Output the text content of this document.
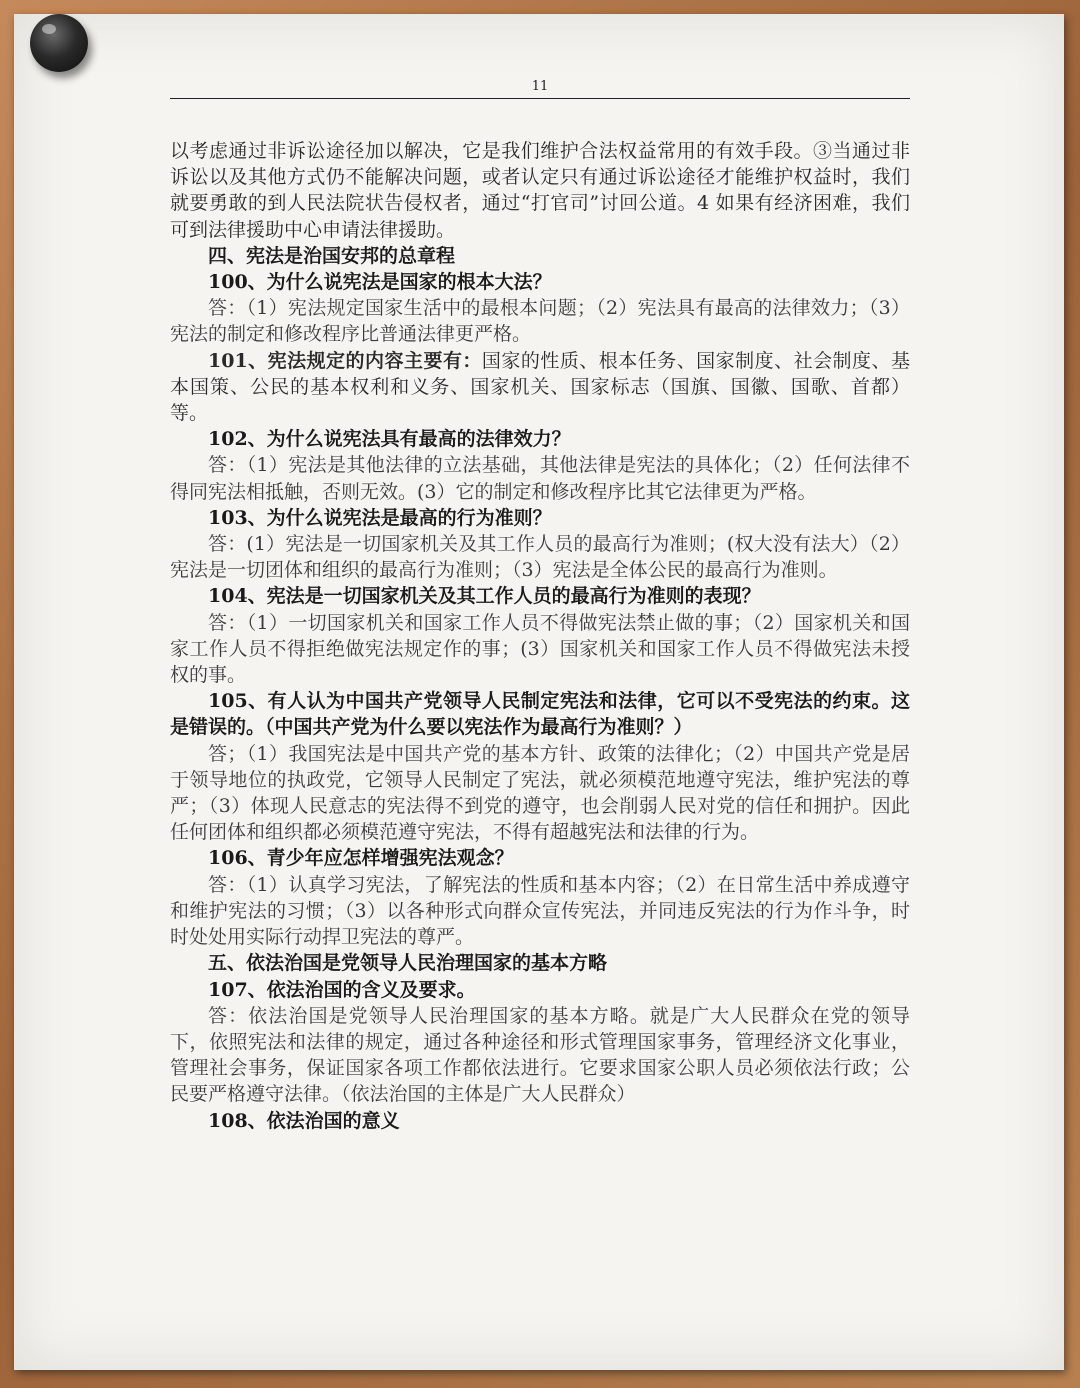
11

以考虑通过非诉讼途径加以解决，它是我们维护合法权益常用的有效手段。③当通过非诉讼以及其他方式仍不能解决问题，或者认定只有通过诉讼途径才能维护权益时，我们就要勇敢的到人民法院状告侵权者，通过“打官司”讨回公道。4 如果有经济困难，我们可到法律援助中心申请法律援助。

四、宪法是治国安邦的总章程

100、为什么说宪法是国家的根本大法？

答：（1）宪法规定国家生活中的最根本问题；（2）宪法具有最高的法律效力；（3）宪法的制定和修改程序比普通法律更严格。

101、宪法规定的内容主要有：国家的性质、根本任务、国家制度、社会制度、基本国策、公民的基本权利和义务、国家机关、国家标志（国旗、国徽、国歌、首都）等。

102、为什么说宪法具有最高的法律效力？

答：（1）宪法是其他法律的立法基础，其他法律是宪法的具体化；（2）任何法律不得同宪法相抵触，否则无效。(3）它的制定和修改程序比其它法律更为严格。

103、为什么说宪法是最高的行为准则？

答：(1）宪法是一切国家机关及其工作人员的最高行为准则；(权大没有法大）（2）宪法是一切团体和组织的最高行为准则；（3）宪法是全体公民的最高行为准则。

104、宪法是一切国家机关及其工作人员的最高行为准则的表现？

答：（1）一切国家机关和国家工作人员不得做宪法禁止做的事；（2）国家机关和国家工作人员不得拒绝做宪法规定作的事；(3）国家机关和国家工作人员不得做宪法未授权的事。

105、有人认为中国共产党领导人民制定宪法和法律，它可以不受宪法的约束。这是错误的。（中国共产党为什么要以宪法作为最高行为准则？）

答；（1）我国宪法是中国共产党的基本方针、政策的法律化；（2）中国共产党是居于领导地位的执政党，它领导人民制定了宪法，就必须模范地遵守宪法，维护宪法的尊严；（3）体现人民意志的宪法得不到党的遵守，也会削弱人民对党的信任和拥护。因此任何团体和组织都必须模范遵守宪法，不得有超越宪法和法律的行为。

106、青少年应怎样增强宪法观念？

答：（1）认真学习宪法，了解宪法的性质和基本内容；（2）在日常生活中养成遵守和维护宪法的习惯；（3）以各种形式向群众宣传宪法，并同违反宪法的行为作斗争，时时处处用实际行动捍卫宪法的尊严。

五、依法治国是党领导人民治理国家的基本方略

107、依法治国的含义及要求。

答：依法治国是党领导人民治理国家的基本方略。就是广大人民群众在党的领导下，依照宪法和法律的规定，通过各种途径和形式管理国家事务，管理经济文化事业，管理社会事务，保证国家各项工作都依法进行。它要求国家公职人员必须依法行政；公民要严格遵守法律。（依法治国的主体是广大人民群众）

108、依法治国的意义
